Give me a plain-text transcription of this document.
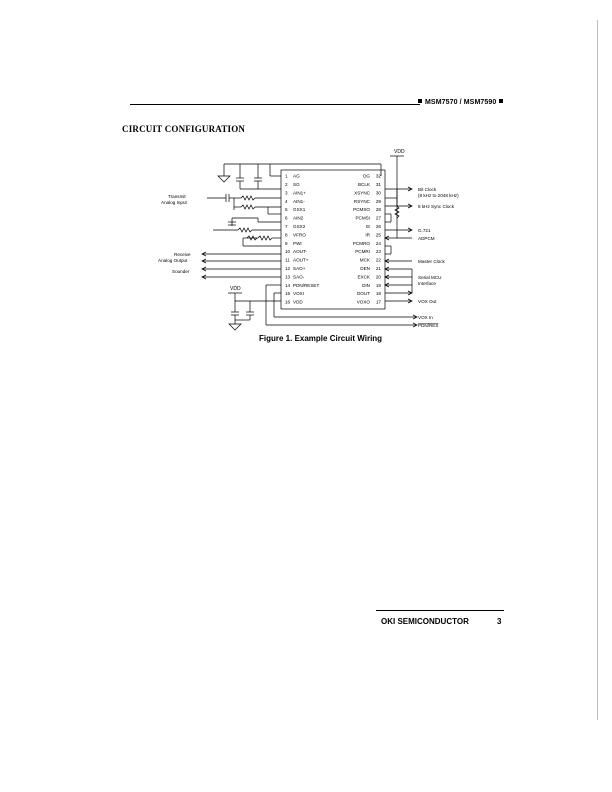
MSM7570 / MSM7590
CIRCUIT CONFIGURATION
1 AG
2 SG
3 AIN1+
4 AIN1-
5 GSX1
6 AIN2
7 GSX2
8 VFRO
9 PWI
10 AOUT-
11 AOUT+
12 SAO+
13 SAO-
14 PDN/RESET
15 VOXI
16 VDD
32
DG
31
BCLK
30
XSYNC
29
RSYNC
28
PCMSO
27
PCMSI
26
IS
25
IR
24
PCMRO
23
PCMRI
22
MCK
21
DEN
20
EXCK
19
DIN
18
DOUT
17
VOXO
VDD
VDD
Transmit
Analog Input
Receive
Analog Output
Sounder
Bit Clock
(8 kHz to 2048 kHz)
8 kHz Sync Clock
G.721
ADPCM
Master Clock
Serial MCU
Interface
VOX Out
VOX In
PDN/RES
Figure 1. Example Circuit Wiring
OKI SEMICONDUCTOR	3
